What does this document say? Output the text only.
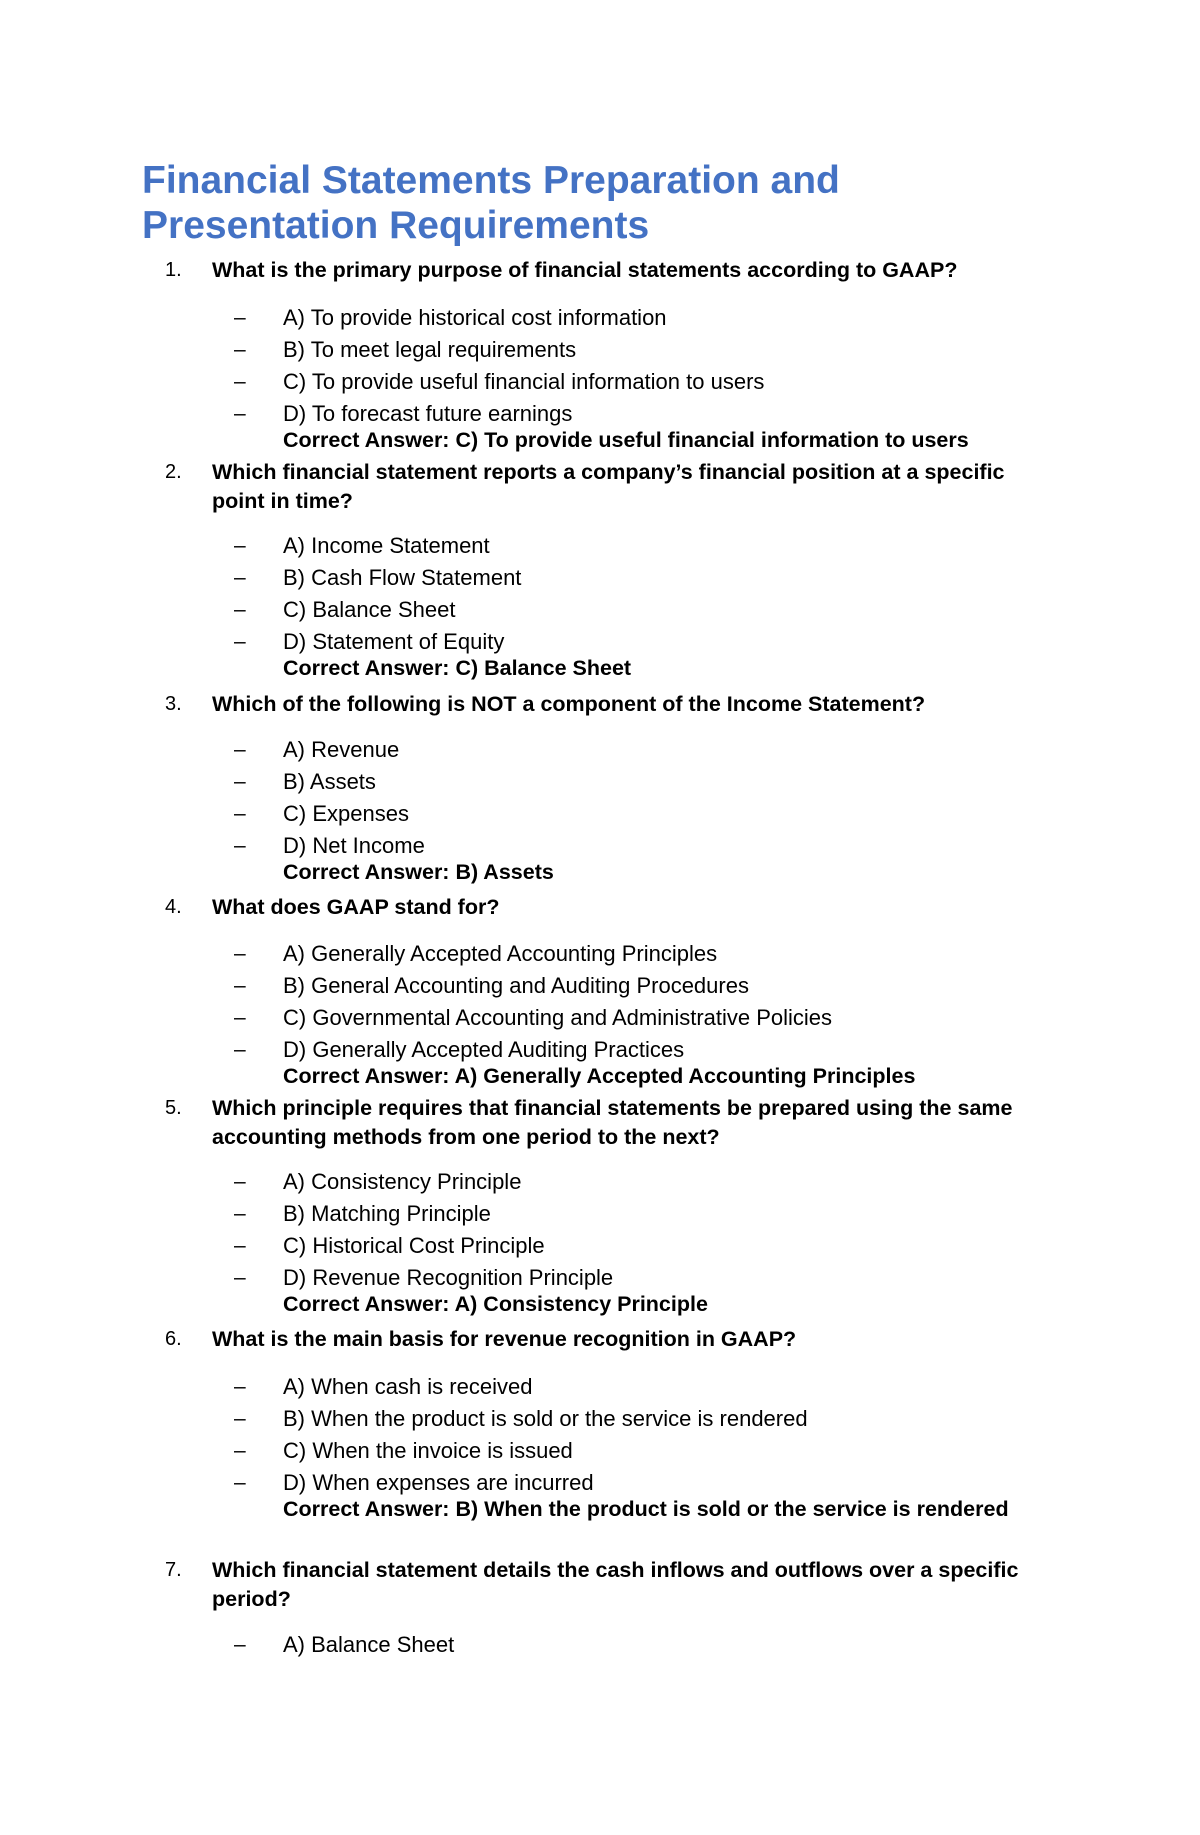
Financial Statements Preparation and Presentation Requirements
1. What is the primary purpose of financial statements according to GAAP?
– A) To provide historical cost information
– B) To meet legal requirements
– C) To provide useful financial information to users
– D) To forecast future earnings
Correct Answer: C) To provide useful financial information to users
2. Which financial statement reports a company’s financial position at a specific point in time?
– A) Income Statement
– B) Cash Flow Statement
– C) Balance Sheet
– D) Statement of Equity
Correct Answer: C) Balance Sheet
3. Which of the following is NOT a component of the Income Statement?
– A) Revenue
– B) Assets
– C) Expenses
– D) Net Income
Correct Answer: B) Assets
4. What does GAAP stand for?
– A) Generally Accepted Accounting Principles
– B) General Accounting and Auditing Procedures
– C) Governmental Accounting and Administrative Policies
– D) Generally Accepted Auditing Practices
Correct Answer: A) Generally Accepted Accounting Principles
5. Which principle requires that financial statements be prepared using the same accounting methods from one period to the next?
– A) Consistency Principle
– B) Matching Principle
– C) Historical Cost Principle
– D) Revenue Recognition Principle
Correct Answer: A) Consistency Principle
6. What is the main basis for revenue recognition in GAAP?
– A) When cash is received
– B) When the product is sold or the service is rendered
– C) When the invoice is issued
– D) When expenses are incurred
Correct Answer: B) When the product is sold or the service is rendered
7. Which financial statement details the cash inflows and outflows over a specific period?
– A) Balance Sheet
